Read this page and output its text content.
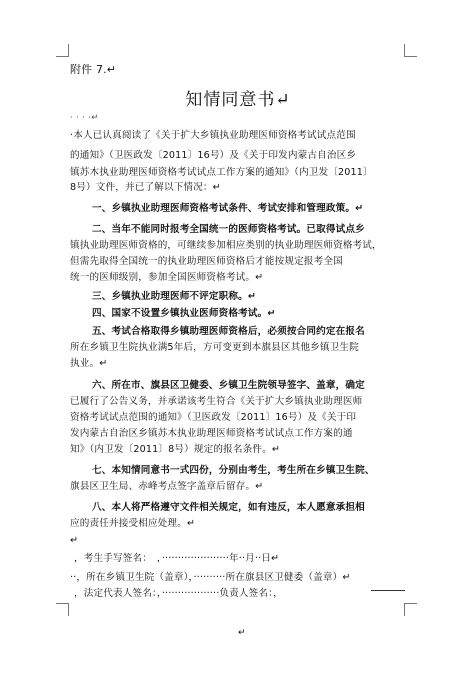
附件 7.↵
知情同意书↵
· · · ·↵
·本人已认真阅读了《关于扩大乡镇执业助理医师资格考试试点范围
的通知》（卫医政发〔2011〕16号）及《关于印发内蒙古自治区乡
镇苏木执业助理医师资格考试试点工作方案的通知》（内卫发〔2011〕
8号）文件，并已了解以下情况：↵
一、乡镇执业助理医师资格考试条件、考试安排和管理政策。↵
二、当年不能同时报考全国统一的医师资格考试。已取得试点乡
镇执业助理医师资格的，可继续参加相应类别的执业助理医师资格考试，
但需先取得全国统一的执业助理医师资格后才能按规定报考全国
统一的医师级别，参加全国医师资格考试。↵
三、乡镇执业助理医师不评定职称。↵
四、国家不设置乡镇执业医师资格考试。↵
五、考试合格取得乡镇助理医师资格后，必须按合同约定在报名
所在乡镇卫生院执业满5年后，方可变更到本旗县区其他乡镇卫生院
执业。↵
六、所在市、旗县区卫健委、乡镇卫生院领导签字、盖章，确定
已履行了公告义务，并承诺该考生符合《关于扩大乡镇执业助理医师
资格考试试点范围的通知》（卫医政发〔2011〕16号）及《关于印
发内蒙古自治区乡镇苏木执业助理医师资格考试试点工作方案的通
知》（内卫发〔2011〕8号）规定的报名条件。↵
七、本知情同意书一式四份，分别由考生，考生所在乡镇卫生院、
旗县区卫生局、赤峰考点签字盖章后留存。↵
八、本人将严格遵守文件相关规定，如有违反，本人愿意承担相
应的责任并接受相应处理。↵
↵
，考生手写签名：　，·····················年··月··日↵
··，所在乡镇卫生院（盖章），··········所在旗县区卫健委（盖章）↵
，法定代表人签名：，··················负责人签名：，
↵
